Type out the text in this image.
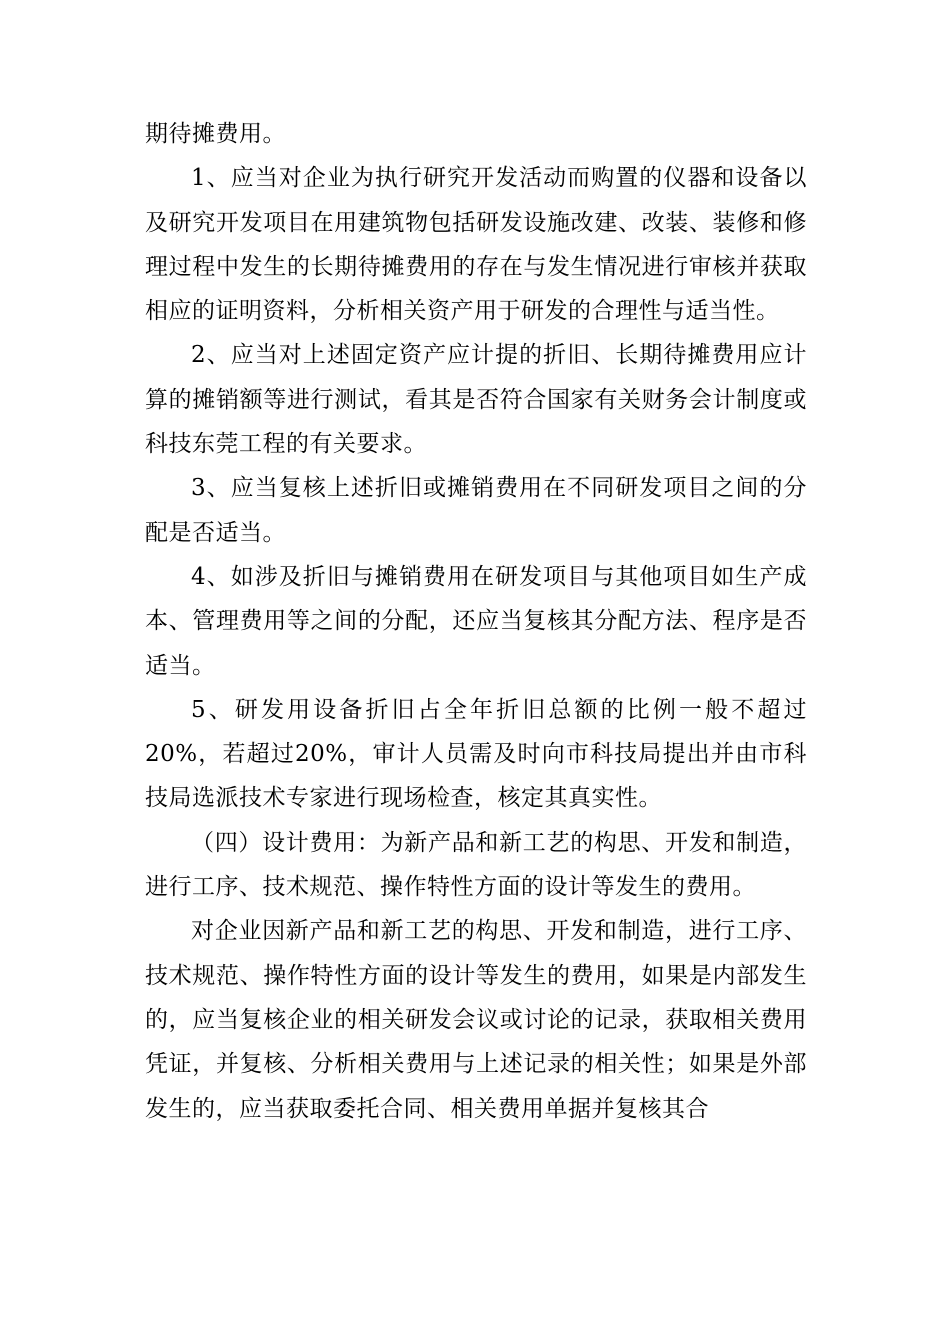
期待摊费用。

1、应当对企业为执行研究开发活动而购置的仪器和设备以及研究开发项目在用建筑物包括研发设施改建、改装、装修和修理过程中发生的长期待摊费用的存在与发生情况进行审核并获取相应的证明资料，分析相关资产用于研发的合理性与适当性。

2、应当对上述固定资产应计提的折旧、长期待摊费用应计算的摊销额等进行测试，看其是否符合国家有关财务会计制度或科技东莞工程的有关要求。

3、应当复核上述折旧或摊销费用在不同研发项目之间的分配是否适当。

4、如涉及折旧与摊销费用在研发项目与其他项目如生产成本、管理费用等之间的分配，还应当复核其分配方法、程序是否适当。

5、研发用设备折旧占全年折旧总额的比例一般不超过20%，若超过20%，审计人员需及时向市科技局提出并由市科技局选派技术专家进行现场检查，核定其真实性。

（四）设计费用：为新产品和新工艺的构思、开发和制造，进行工序、技术规范、操作特性方面的设计等发生的费用。

对企业因新产品和新工艺的构思、开发和制造，进行工序、技术规范、操作特性方面的设计等发生的费用，如果是内部发生的，应当复核企业的相关研发会议或讨论的记录，获取相关费用凭证，并复核、分析相关费用与上述记录的相关性；如果是外部发生的，应当获取委托合同、相关费用单据并复核其合
